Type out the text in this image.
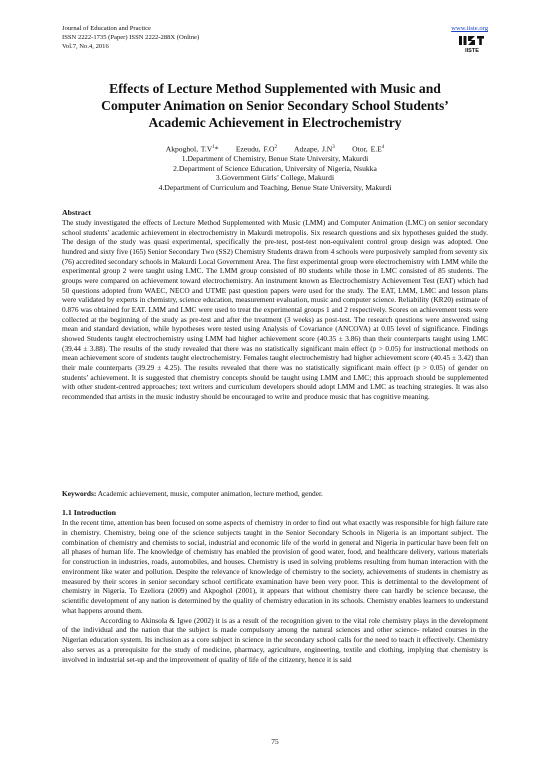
Journal of Education and Practice
ISSN 2222-1735 (Paper) ISSN 2222-288X (Online)
Vol.7, No.4, 2016
www.iiste.org
IISTE
Effects of Lecture Method Supplemented with Music and
Computer Animation on Senior Secondary School Students’
Academic Achievement in Electrochemistry
Akpoghol, $T.V^1*$      Ezeudu, $F.O^2$      Adzape, $J.N^3$      Otor, $E.E^4$
1.Department of Chemistry, Benue State University, Makurdi
2.Department of Science Education, University of Nigeria, Nsukka
3.Government Girls’ College, Makurdi
4.Department of Curriculum and Teaching, Benue State University, Makurdi
Abstract
The study investigated the effects of Lecture Method Supplemented with Music (LMM) and Computer Animation (LMC) on senior secondary school students’ academic achievement in electrochemistry in Makurdi metropolis. Six research questions and six hypotheses guided the study. The design of the study was quasi experimental, specifically the pre-test, post-test non-equivalent control group design was adopted. One hundred and sixty five (165) Senior Secondary Two (SS2) Chemistry Students drawn from 4 schools were purposively sampled from seventy six (76) accredited secondary schools in Makurdi Local Government Area. The first experimental group were electrochemistry with LMM while the experimental group 2 were taught using LMC. The LMM group consisted of 80 students while those in LMC consisted of 85 students. The groups were compared on achievement toward electrochemistry. An instrument known as Electrochemistry Achievement Test (EAT) which had 50 questions adopted from WAEC, NECO and UTME past question papers were used for the study. The EAT, LMM, LMC and lesson plans were validated by experts in chemistry, science education, measurement evaluation, music and computer science. Reliability (KR20) estimate of 0.876 was obtained for EAT. LMM and LMC were used to treat the experimental groups 1 and 2 respectively. Scores on achievement tests were collected at the beginning of the study as pre-test and after the treatment (3 weeks) as post-test. The research questions were answered using mean and standard deviation, while hypotheses were tested using Analysis of Covariance (ANCOVA) at 0.05 level of significance. Findings showed Students taught electrochemistry using LMM had higher achievement score (40.35 ± 3.86) than their counterparts taught using LMC (39.44 ± 3.88). The results of the study revealed that there was no statistically significant main effect (p > 0.05) for instructional methods on mean achievement score of students taught electrochemistry. Females taught electrochemistry had higher achievement score (40.45 ± 3.42) than their male counterparts (39.29 ± 4.25). The results revealed that there was no statistically significant main effect (p > 0.05) of gender on students’ achievement. It is suggested that chemistry concepts should be taught using LMM and LMC; this approach should be supplemented with other student-centred approaches; text writers and curriculum developers should adopt LMM and LMC as teaching strategies. It was also recommended that artists in the music industry should be encouraged to write and produce music that has cognitive meaning.
Keywords: Academic achievement, music, computer animation, lecture method, gender.
1.1 Introduction

In the recent time, attention has been focused on some aspects of chemistry in order to find out what exactly was responsible for high failure rate in chemistry. Chemistry, being one of the science subjects taught in the Senior Secondary Schools in Nigeria is an important subject. The combination of chemistry and chemists to social, industrial and economic life of the world in general and Nigeria in particular have been felt on all phases of human life. The knowledge of chemistry has enabled the provision of good water, food, and healthcare delivery, various materials for construction in industries, roads, automobiles, and houses. Chemistry is used in solving problems resulting from human interaction with the environment like water and pollution. Despite the relevance of knowledge of chemistry to the society, achievements of students in chemistry as measured by their scores in senior secondary school certificate examination have been very poor. This is detrimental to the development of chemistry in Nigeria. To Ezeliora (2009) and Akpoghol (2001), it appears that without chemistry there can hardly be science because, the scientific development of any nation is determined by the quality of chemistry education in its schools. Chemistry enables learners to understand what happens around them.

According to Akinsola & Igwe (2002) it is as a result of the recognition given to the vital role chemistry plays in the development of the individual and the nation that the subject is made compulsory among the natural sciences and other science- related courses in the Nigerian education system. Its inclusion as a core subject in science in the secondary school calls for the need to teach it effectively. Chemistry also serves as a prerequisite for the study of medicine, pharmacy, agriculture, engineering, textile and clothing, implying that chemistry is involved in industrial set-up and the improvement of quality of life of the citizenry, hence it is said

75
